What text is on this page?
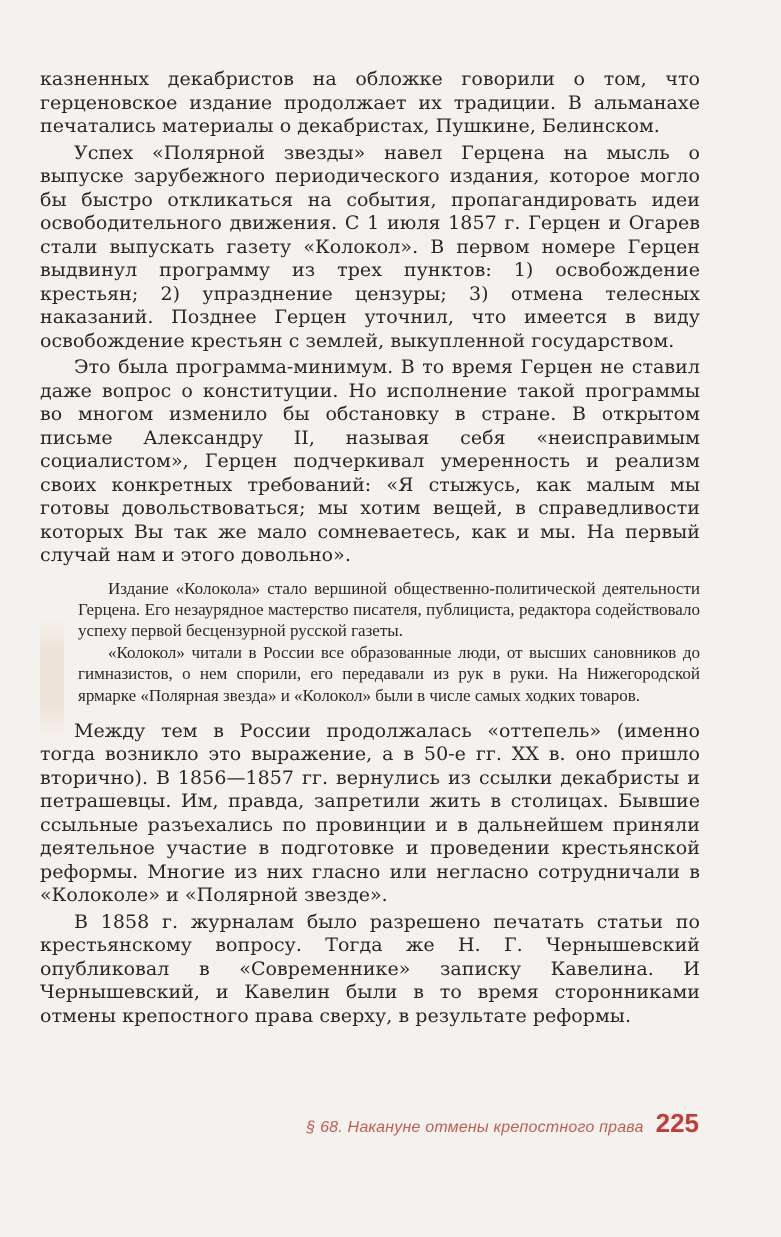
казненных декабристов на обложке говорили о том, что герценовское издание продолжает их традиции. В альманахе печатались материалы о декабристах, Пушкине, Белинском.

Успех «Полярной звезды» навел Герцена на мысль о выпуске зарубежного периодического издания, которое могло бы быстро откликаться на события, пропагандировать идеи освободительного движения. С 1 июля 1857 г. Герцен и Огарев стали выпускать газету «Колокол». В первом номере Герцен выдвинул программу из трех пунктов: 1) освобождение крестьян; 2) упразднение цензуры; 3) отмена телесных наказаний. Позднее Герцен уточнил, что имеется в виду освобождение крестьян с землей, выкупленной государством.

Это была программа-минимум. В то время Герцен не ставил даже вопрос о конституции. Но исполнение такой программы во многом изменило бы обстановку в стране. В открытом письме Александру II, называя себя «неисправимым социалистом», Герцен подчеркивал умеренность и реализм своих конкретных требований: «Я стыжусь, как малым мы готовы довольствоваться; мы хотим вещей, в справедливости которых Вы так же мало сомневаетесь, как и мы. На первый случай нам и этого довольно».

Издание «Колокола» стало вершиной общественно-политической деятельности Герцена. Его незаурядное мастерство писателя, публициста, редактора содействовало успеху первой бесцензурной русской газеты.

«Колокол» читали в России все образованные люди, от высших сановников до гимназистов, о нем спорили, его передавали из рук в руки. На Нижегородской ярмарке «Полярная звезда» и «Колокол» были в числе самых ходких товаров.

Между тем в России продолжалась «оттепель» (именно тогда возникло это выражение, а в 50-е гг. XX в. оно пришло вторично). В 1856—1857 гг. вернулись из ссылки декабристы и петрашевцы. Им, правда, запретили жить в столицах. Бывшие ссыльные разъехались по провинции и в дальнейшем приняли деятельное участие в подготовке и проведении крестьянской реформы. Многие из них гласно или негласно сотрудничали в «Колоколе» и «Полярной звезде».

В 1858 г. журналам было разрешено печатать статьи по крестьянскому вопросу. Тогда же Н. Г. Чернышевский опубликовал в «Современнике» записку Кавелина. И Чернышевский, и Кавелин были в то время сторонниками отмены крепостного права сверху, в результате реформы.

§ 68. Накануне отмены крепостного права 225
